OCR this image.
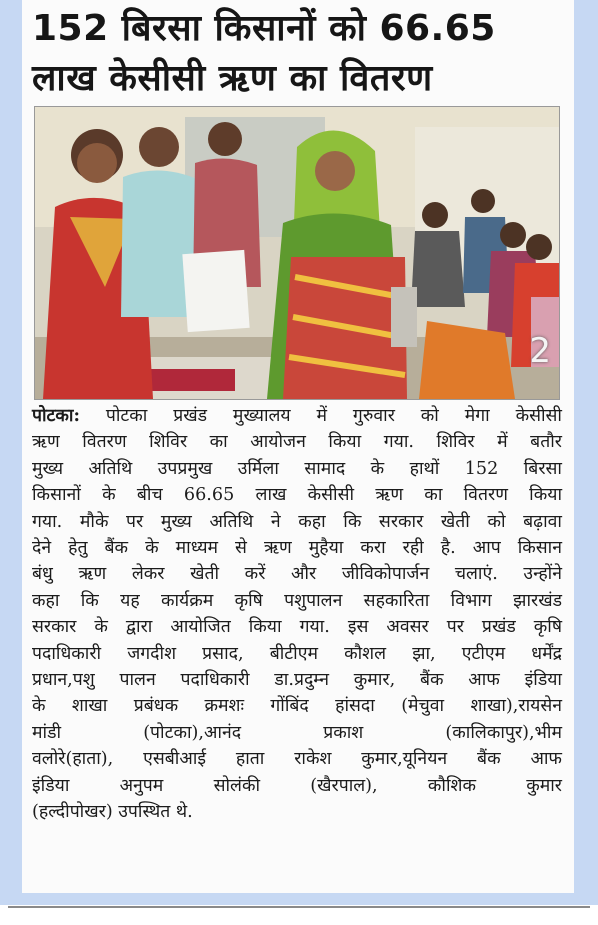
152 बिरसा किसानों को 66.65
लाख केसीसी ऋण का वितरण
2
पोटका: पोटका प्रखंड मुख्यालय में गुरुवार को मेगा केसीसी
ऋण वितरण शिविर का आयोजन किया गया. शिविर में बतौर
मुख्य अतिथि उपप्रमुख उर्मिला सामाद के हाथों 152 बिरसा
किसानों के बीच 66.65 लाख केसीसी ऋण का वितरण किया
गया. मौके पर मुख्य अतिथि ने कहा कि सरकार खेती को बढ़ावा
देने हेतु बैंक के माध्यम से ऋण मुहैया करा रही है. आप किसान
बंधु ऋण लेकर खेती करें और जीविकोपार्जन चलाएं. उन्होंने
कहा कि यह कार्यक्रम कृषि पशुपालन सहकारिता विभाग झारखंड
सरकार के द्वारा आयोजित किया गया. इस अवसर पर प्रखंड कृषि
पदाधिकारी जगदीश प्रसाद, बीटीएम कौशल झा, एटीएम धर्मेंद्र
प्रधान,पशु पालन पदाधिकारी डा.प्रदुम्न कुमार, बैंक आफ इंडिया
के शाखा प्रबंधक क्रमशः गोंबिंद हांसदा (मेचुवा शाखा),रायसेन
मांडी (पोटका),आनंद प्रकाश (कालिकापुर),भीम
वलोरे(हाता), एसबीआई हाता राकेश कुमार,यूनियन बैंक आफ
इंडिया अनुपम सोलंकी (खैरपाल), कौशिक कुमार
(हल्दीपोखर) उपस्थित थे.
